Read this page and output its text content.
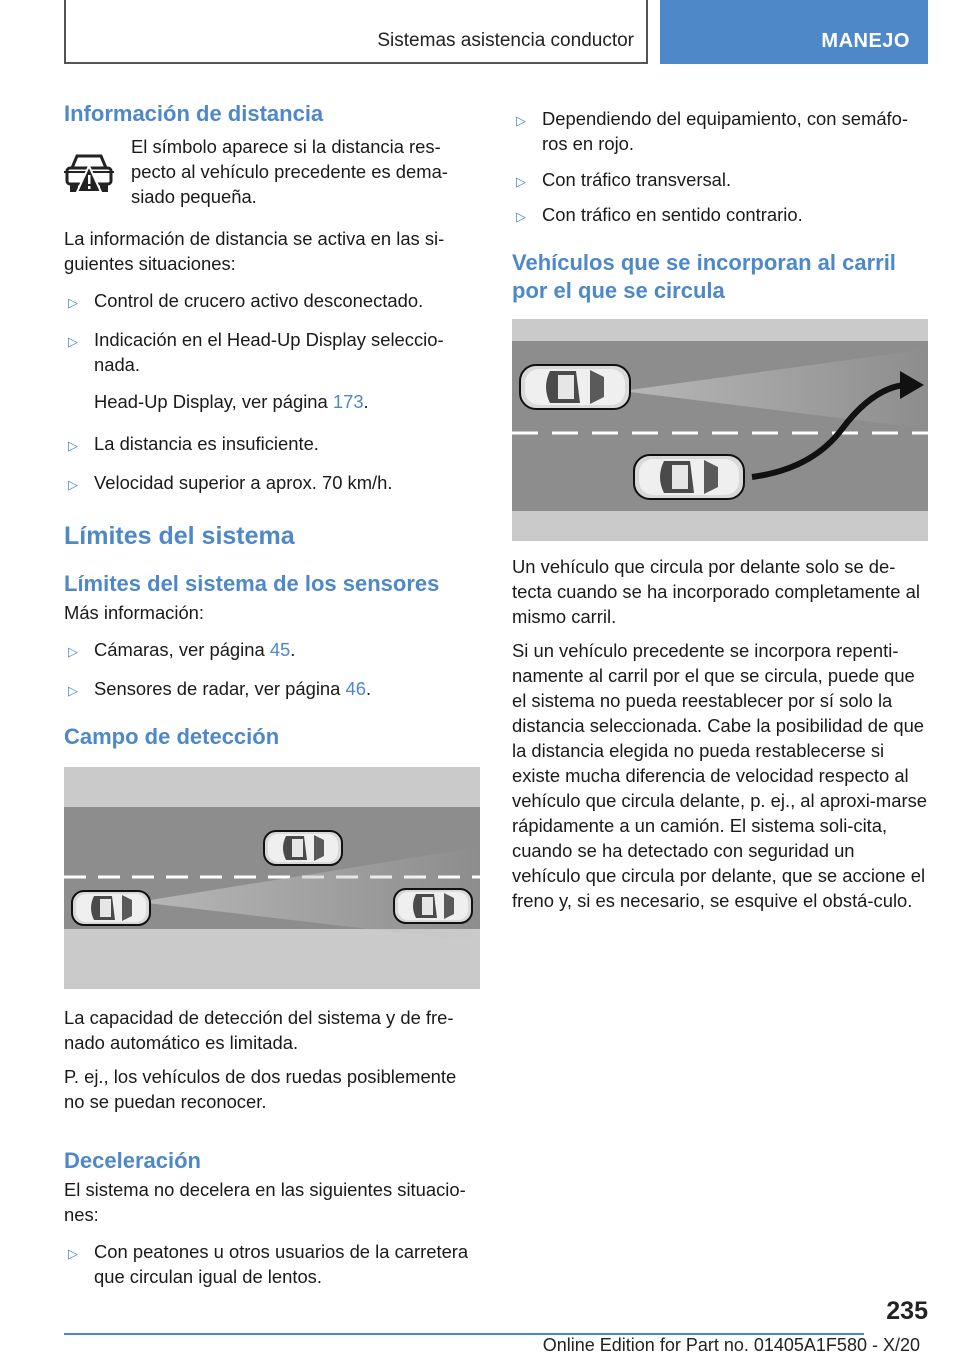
Sistemas asistencia conductor	MANEJO
Información de distancia

El símbolo aparece si la distancia res-pecto al vehículo precedente es dema-siado pequeña.

La información de distancia se activa en las si-guientes situaciones:

▷ Control de crucero activo desconectado.
▷ Indicación en el Head-Up Display seleccio-nada.
Head-Up Display, ver página 173.
▷ La distancia es insuficiente.
▷ Velocidad superior a aprox. 70 km/h.
Límites del sistema
Límites del sistema de los sensores

Más información:

▷ Cámaras, ver página 45.
▷ Sensores de radar, ver página 46.
Campo de detección

La capacidad de detección del sistema y de fre-nado automático es limitada.

P. ej., los vehículos de dos ruedas posiblemente no se puedan reconocer.

Deceleración

El sistema no decelera en las siguientes situacio-nes:

▷ Con peatones u otros usuarios de la carretera que circulan igual de lentos.
▷ Dependiendo del equipamiento, con semáfo-ros en rojo.
▷ Con tráfico transversal.
▷ Con tráfico en sentido contrario.
Vehículos que se incorporan al carril por el que se circula

Un vehículo que circula por delante solo se de-tecta cuando se ha incorporado completamente al mismo carril.

Si un vehículo precedente se incorpora repenti-namente al carril por el que se circula, puede que el sistema no pueda reestablecer por sí solo la distancia seleccionada. Cabe la posibilidad de que la distancia elegida no pueda restablecerse si existe mucha diferencia de velocidad respecto al vehículo que circula delante, p. ej., al aproxi-marse rápidamente a un camión. El sistema soli-cita, cuando se ha detectado con seguridad un vehículo que circula por delante, que se accione el freno y, si es necesario, se esquive el obstá-culo.

235
Online Edition for Part no. 01405A1F580 - X/20
